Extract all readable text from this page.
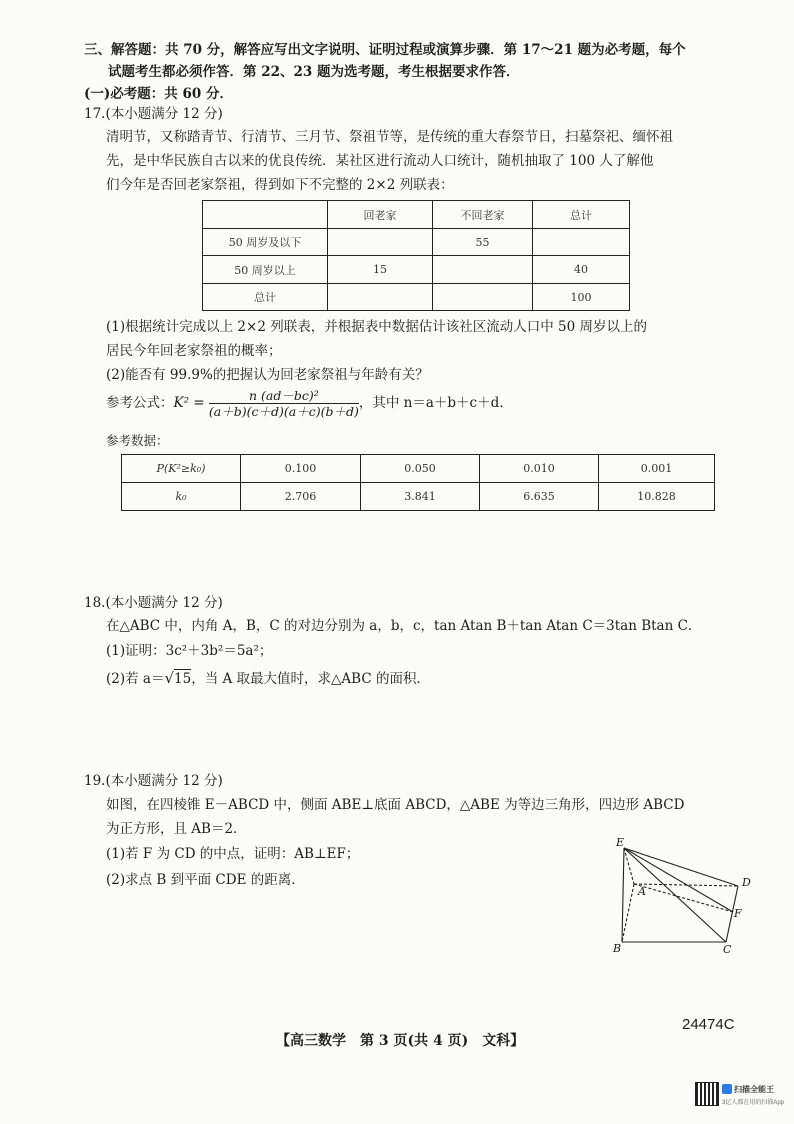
三、解答题：共 70 分，解答应写出文字说明、证明过程或演算步骤．第 17～21 题为必考题，每个
试题考生都必须作答．第 22、23 题为选考题，考生根据要求作答．
(一)必考题：共 60 分．
17.(本小题满分 12 分)
清明节，又称踏青节、行清节、三月节、祭祖节等，是传统的重大春祭节日，扫墓祭祀、缅怀祖
先，是中华民族自古以来的优良传统．某社区进行流动人口统计，随机抽取了 100 人了解他
们今年是否回老家祭祖，得到如下不完整的 2×2 列联表：
	回老家	不回老家	总计
50 周岁及以下		55	
50 周岁以上	15		40
总计			100
(1)根据统计完成以上 2×2 列联表，并根据表中数据估计该社区流动人口中 50 周岁以上的
居民今年回老家祭祖的概率；
(2)能否有 99.9%的把握认为回老家祭祖与年龄有关？
参考公式：$K^2 = \frac{\text{n (ad－bc)²}}{(a+b)(c+d)(a+c)(b+d)}$ ，其中 n＝a＋b＋c＋d．
参考数据：
P(K²≥k₀)	0.100	0.050	0.010	0.001
k₀	2.706	3.841	6.635	10.828
18.(本小题满分 12 分)
在△ABC 中，内角 A，B，C 的对边分别为 a，b，c，tan Atan B＋tan Atan C＝3tan Btan C．
(1)证明：3c²＋3b²＝5a²；
(2)若 a＝√15，当 A 取最大值时，求△ABC 的面积．
19.(本小题满分 12 分)
如图，在四棱锥 E－ABCD 中，侧面 ABE⊥底面 ABCD，△ABE 为等边三角形，四边形 ABCD
为正方形，且 AB＝2．
(1)若 F 为 CD 的中点，证明：AB⊥EF；
(2)求点 B 到平面 CDE 的距离．
E
A
D
F
B	C
【高三数学　第 3 页(共 4 页)　文科】
24474C
扫描全能王
3亿人都在用的扫描App
